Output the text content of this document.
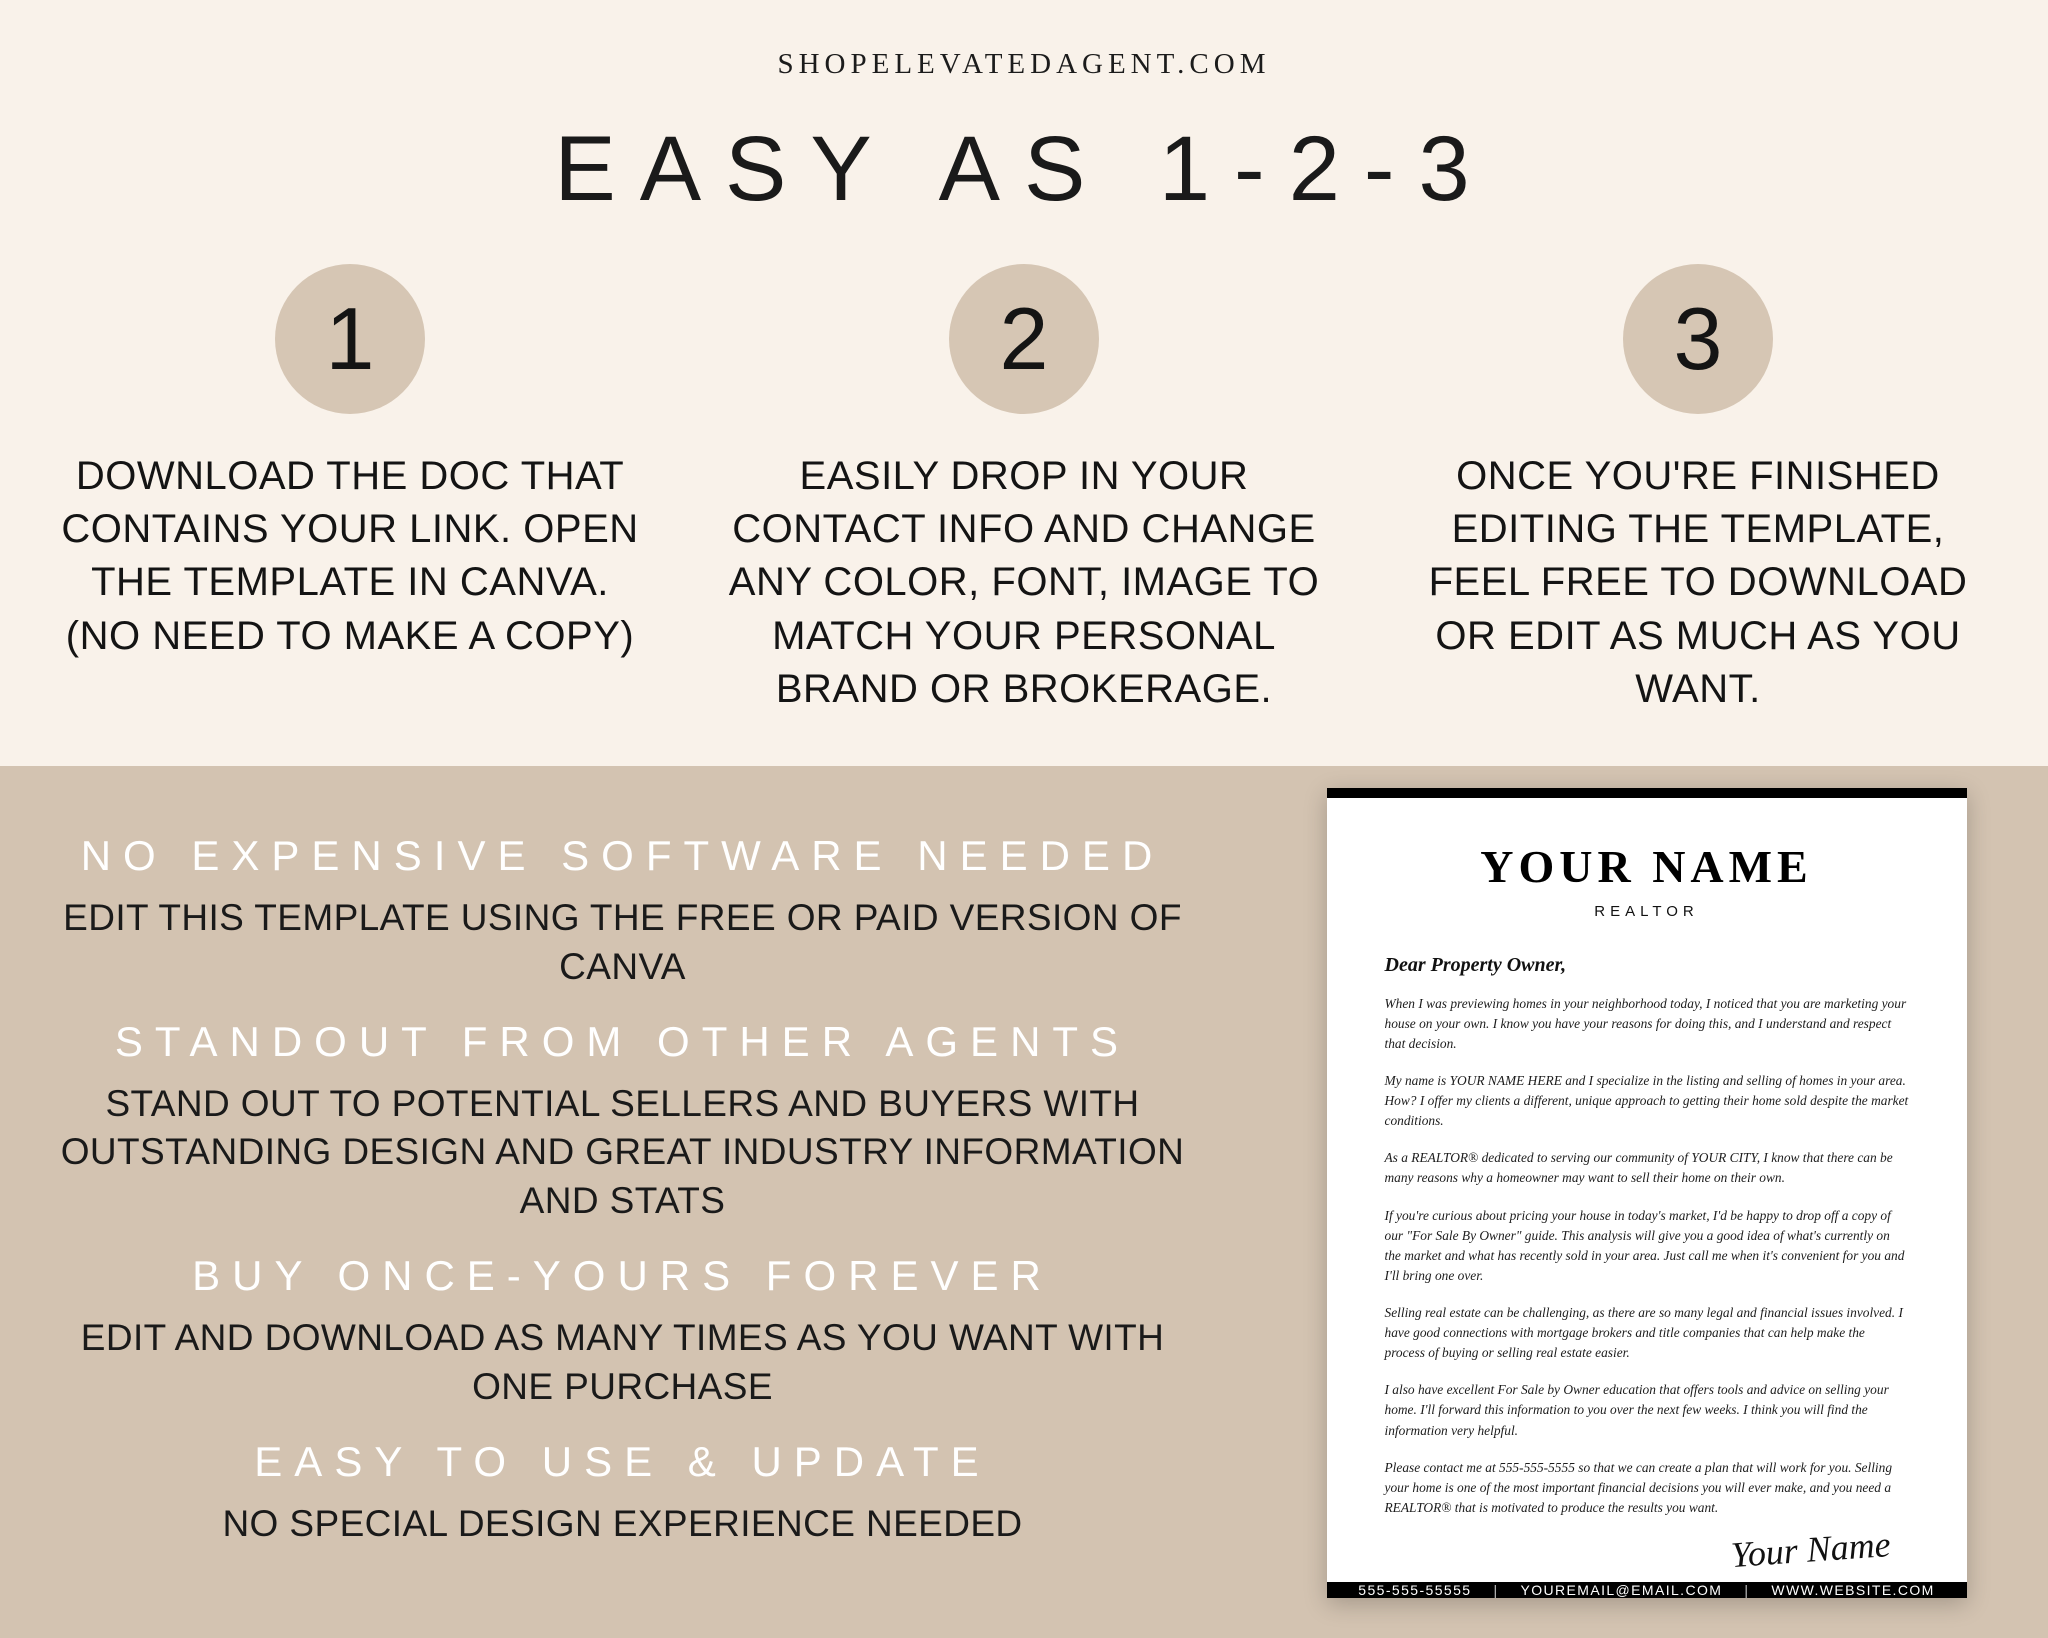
SHOPELEVATEDAGENT.COM
EASY AS 1-2-3
1
DOWNLOAD THE DOC THAT CONTAINS YOUR LINK. OPEN THE TEMPLATE IN CANVA. (NO NEED TO MAKE A COPY)
2
EASILY DROP IN YOUR CONTACT INFO AND CHANGE ANY COLOR, FONT, IMAGE TO MATCH YOUR PERSONAL BRAND OR BROKERAGE.
3
ONCE YOU'RE FINISHED EDITING THE TEMPLATE, FEEL FREE TO DOWNLOAD OR EDIT AS MUCH AS YOU WANT.
NO EXPENSIVE SOFTWARE NEEDED
EDIT THIS TEMPLATE USING THE FREE OR PAID VERSION OF CANVA
STANDOUT FROM OTHER AGENTS
STAND OUT TO POTENTIAL SELLERS AND BUYERS WITH OUTSTANDING DESIGN AND GREAT INDUSTRY INFORMATION AND STATS
BUY ONCE-YOURS FOREVER
EDIT AND DOWNLOAD AS MANY TIMES AS YOU WANT WITH ONE PURCHASE
EASY TO USE & UPDATE
NO SPECIAL DESIGN EXPERIENCE NEEDED
YOUR NAME
REALTOR
Dear Property Owner,
When I was previewing homes in your neighborhood today, I noticed that you are marketing your house on your own. I know you have your reasons for doing this, and I understand and respect that decision.
My name is YOUR NAME HERE and I specialize in the listing and selling of homes in your area. How? I offer my clients a different, unique approach to getting their home sold despite the market conditions.
As a REALTOR® dedicated to serving our community of YOUR CITY, I know that there can be many reasons why a homeowner may want to sell their home on their own.
If you're curious about pricing your house in today's market, I'd be happy to drop off a copy of our "For Sale By Owner" guide. This analysis will give you a good idea of what's currently on the market and what has recently sold in your area. Just call me when it's convenient for you and I'll bring one over.
Selling real estate can be challenging, as there are so many legal and financial issues involved. I have good connections with mortgage brokers and title companies that can help make the process of buying or selling real estate easier.
I also have excellent For Sale by Owner education that offers tools and advice on selling your home. I'll forward this information to you over the next few weeks. I think you will find the information very helpful.
Please contact me at 555-555-5555 so that we can create a plan that will work for you. Selling your home is one of the most important financial decisions you will ever make, and you need a REALTOR® that is motivated to produce the results you want.
Your Name
555-555-55555 | YOUREMAIL@EMAIL.COM | WWW.WEBSITE.COM
